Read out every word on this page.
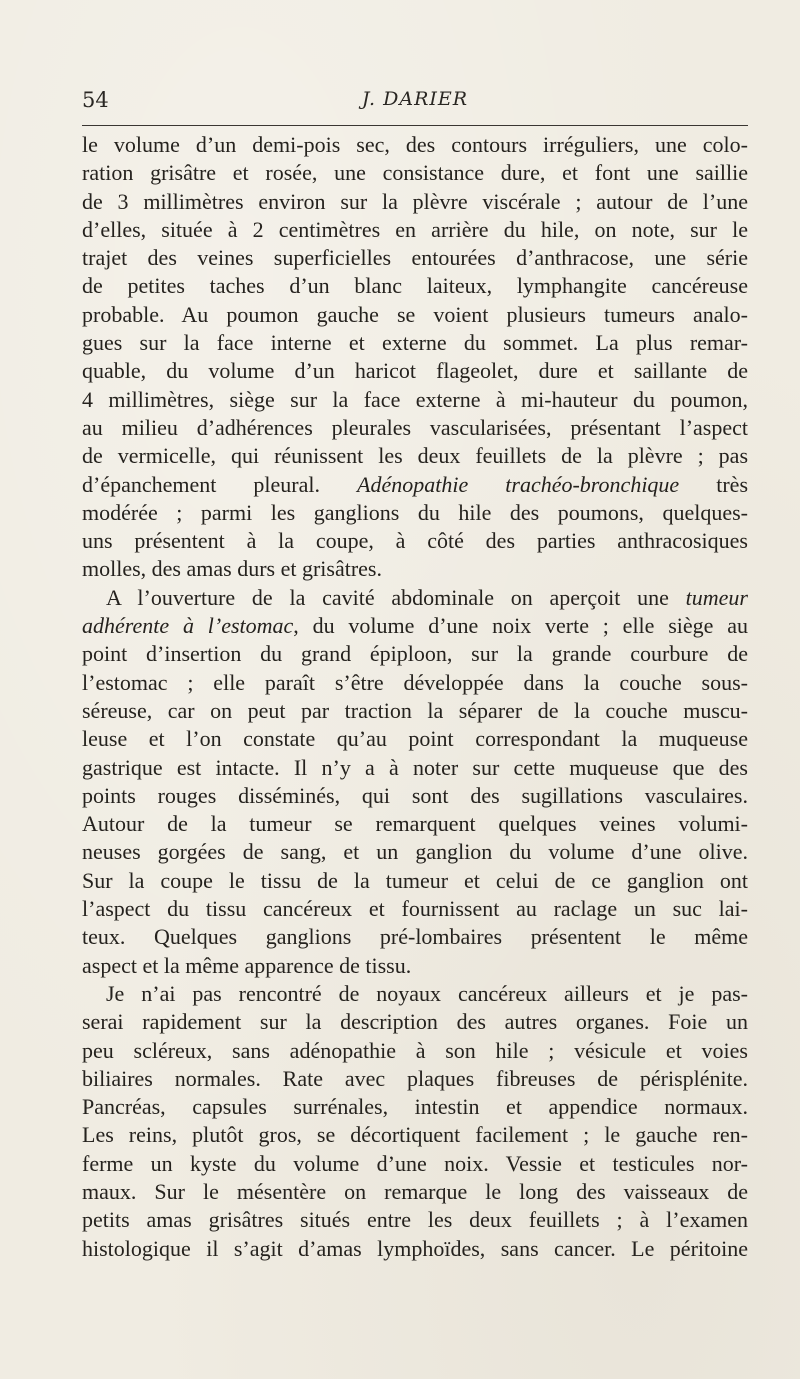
54	J. DARIER
le volume d’un demi-pois sec, des contours irréguliers, une colo-
ration grisâtre et rosée, une consistance dure, et font une saillie
de 3 millimètres environ sur la plèvre viscérale ; autour de l’une
d’elles, située à 2 centimètres en arrière du hile, on note, sur le
trajet des veines superficielles entourées d’anthracose, une série
de petites taches d’un blanc laiteux, lymphangite cancéreuse
probable. Au poumon gauche se voient plusieurs tumeurs analo-
gues sur la face interne et externe du sommet. La plus remar-
quable, du volume d’un haricot flageolet, dure et saillante de
4 millimètres, siège sur la face externe à mi-hauteur du poumon,
au milieu d’adhérences pleurales vascularisées, présentant l’aspect
de vermicelle, qui réunissent les deux feuillets de la plèvre ; pas
d’épanchement pleural. Adénopathie trachéo-bronchique très
modérée ; parmi les ganglions du hile des poumons, quelques-
uns présentent à la coupe, à côté des parties anthracosiques
molles, des amas durs et grisâtres.
A l’ouverture de la cavité abdominale on aperçoit une tumeur
adhérente à l’estomac, du volume d’une noix verte ; elle siège au
point d’insertion du grand épiploon, sur la grande courbure de
l’estomac ; elle paraît s’être développée dans la couche sous-
séreuse, car on peut par traction la séparer de la couche muscu-
leuse et l’on constate qu’au point correspondant la muqueuse
gastrique est intacte. Il n’y a à noter sur cette muqueuse que des
points rouges disséminés, qui sont des sugillations vasculaires.
Autour de la tumeur se remarquent quelques veines volumi-
neuses gorgées de sang, et un ganglion du volume d’une olive.
Sur la coupe le tissu de la tumeur et celui de ce ganglion ont
l’aspect du tissu cancéreux et fournissent au raclage un suc lai-
teux. Quelques ganglions pré-lombaires présentent le même
aspect et la même apparence de tissu.
Je n’ai pas rencontré de noyaux cancéreux ailleurs et je pas-
serai rapidement sur la description des autres organes. Foie un
peu scléreux, sans adénopathie à son hile ; vésicule et voies
biliaires normales. Rate avec plaques fibreuses de périsplénite.
Pancréas, capsules surrénales, intestin et appendice normaux.
Les reins, plutôt gros, se décortiquent facilement ; le gauche ren-
ferme un kyste du volume d’une noix. Vessie et testicules nor-
maux. Sur le mésentère on remarque le long des vaisseaux de
petits amas grisâtres situés entre les deux feuillets ; à l’examen
histologique il s’agit d’amas lymphoïdes, sans cancer. Le péritoine
